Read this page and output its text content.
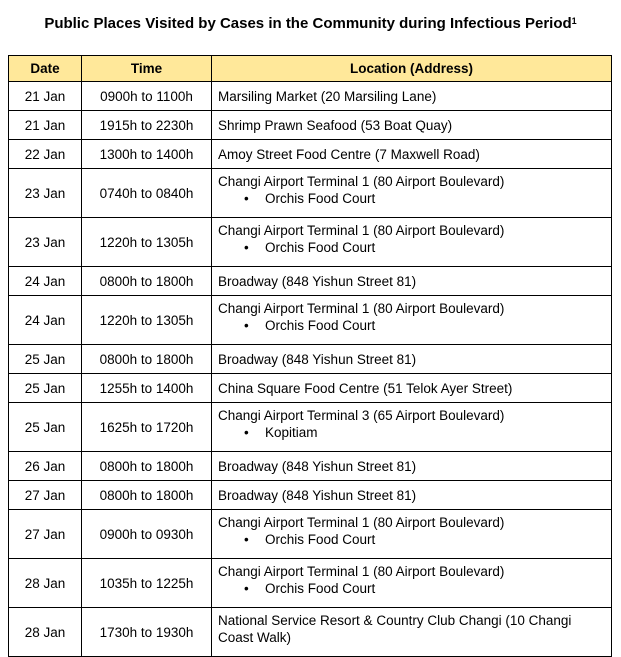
Public Places Visited by Cases in the Community during Infectious Period$^1$
Date	Time	Location (Address)
21 Jan	0900h to 1100h	Marsiling Market (20 Marsiling Lane)

21 Jan	1915h to 2230h	Shrimp Prawn Seafood (53 Boat Quay)

22 Jan	1300h to 1400h	Amoy Street Food Centre (7 Maxwell Road)

23 Jan	0740h to 0840h	Changi Airport Terminal 1 (80 Airport Boulevard)
• Orchis Food Court

23 Jan	1220h to 1305h	Changi Airport Terminal 1 (80 Airport Boulevard)
• Orchis Food Court

24 Jan	0800h to 1800h	Broadway (848 Yishun Street 81)

24 Jan	1220h to 1305h	Changi Airport Terminal 1 (80 Airport Boulevard)
• Orchis Food Court

25 Jan	0800h to 1800h	Broadway (848 Yishun Street 81)

25 Jan	1255h to 1400h	China Square Food Centre (51 Telok Ayer Street)

25 Jan	1625h to 1720h	Changi Airport Terminal 3 (65 Airport Boulevard)
• Kopitiam

26 Jan	0800h to 1800h	Broadway (848 Yishun Street 81)

27 Jan	0800h to 1800h	Broadway (848 Yishun Street 81)

27 Jan	0900h to 0930h	Changi Airport Terminal 1 (80 Airport Boulevard)
• Orchis Food Court

28 Jan	1035h to 1225h	Changi Airport Terminal 1 (80 Airport Boulevard)
• Orchis Food Court

28 Jan	1730h to 1930h	National Service Resort & Country Club Changi (10 Changi Coast Walk)
